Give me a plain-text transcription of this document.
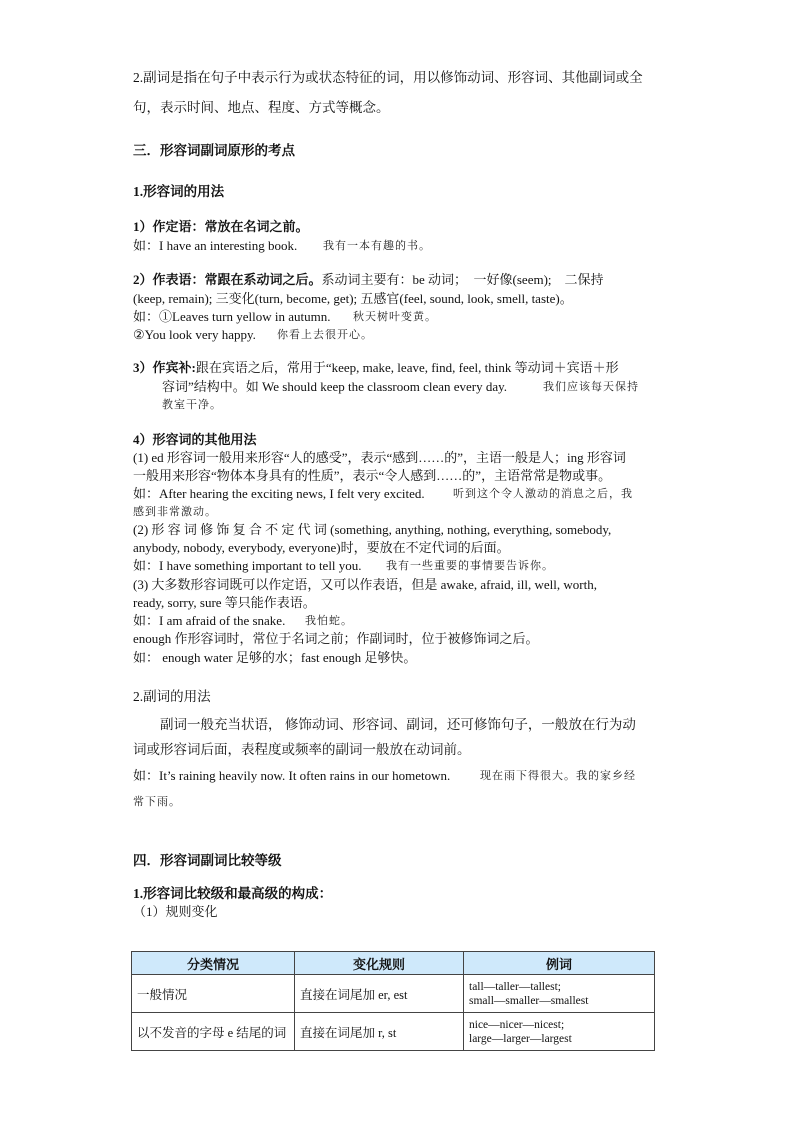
2.副词是指在句子中表示行为或状态特征的词，用以修饰动词、形容词、其他副词或全
句，表示时间、地点、程度、方式等概念。
三．形容词副词原形的考点
1.形容词的用法
1）作定语：常放在名词之前。
如：I have an interesting book. 我有一本有趣的书。
2）作表语：常跟在系动词之后。系动词主要有：be 动词；　一好像(seem);　二保持
(keep, remain); 三变化(turn, become, get); 五感官(feel, sound, look, smell, taste)。
如：①Leaves turn yellow in autumn. 秋天树叶变黄。
②You look very happy. 你看上去很开心。
3）作宾补:跟在宾语之后，常用于“keep, make, leave, find, feel, think 等动词＋宾语＋形
容词”结构中。如 We should keep the classroom clean every day.	我们应该每天保持
教室干净。
4）形容词的其他用法
(1) ed 形容词一般用来形容“人的感受”，表示“感到……的”，主语一般是人；ing 形容词
一般用来形容“物体本身具有的性质”，表示“令人感到……的”，主语常常是物或事。
如：After hearing the exciting news, I felt very excited.	听到这个令人激动的消息之后，我
感到非常激动。
(2) 形 容 词 修 饰 复 合 不 定 代 词 (something, anything, nothing, everything, somebody,
anybody, nobody, everybody, everyone)时，要放在不定代词的后面。
如：I have something important to tell you. 我有一些重要的事情要告诉你。
(3) 大多数形容词既可以作定语，又可以作表语，但是 awake, afraid, ill, well, worth,
ready, sorry, sure 等只能作表语。
如：I am afraid of the snake. 我怕蛇。
enough 作形容词时，常位于名词之前；作副词时，位于被修饰词之后。
如： enough water 足够的水；fast enough 足够快。
2.副词的用法
副词一般充当状语， 修饰动词、形容词、副词，还可修饰句子，一般放在行为动
词或形容词后面，表程度或频率的副词一般放在动词前。
如：It’s raining heavily now. It often rains in our hometown.	现在雨下得很大。我的家乡经
常下雨。
四．形容词副词比较等级
1.形容词比较级和最高级的构成：
（1）规则变化
分类情况	变化规则	例词
一般情况	直接在词尾加 er, est	tall—taller—tallest;
small—smaller—smallest

以不发音的字母 e 结尾的词	直接在词尾加 r, st	nice—nicer—nicest;
large—larger—largest
